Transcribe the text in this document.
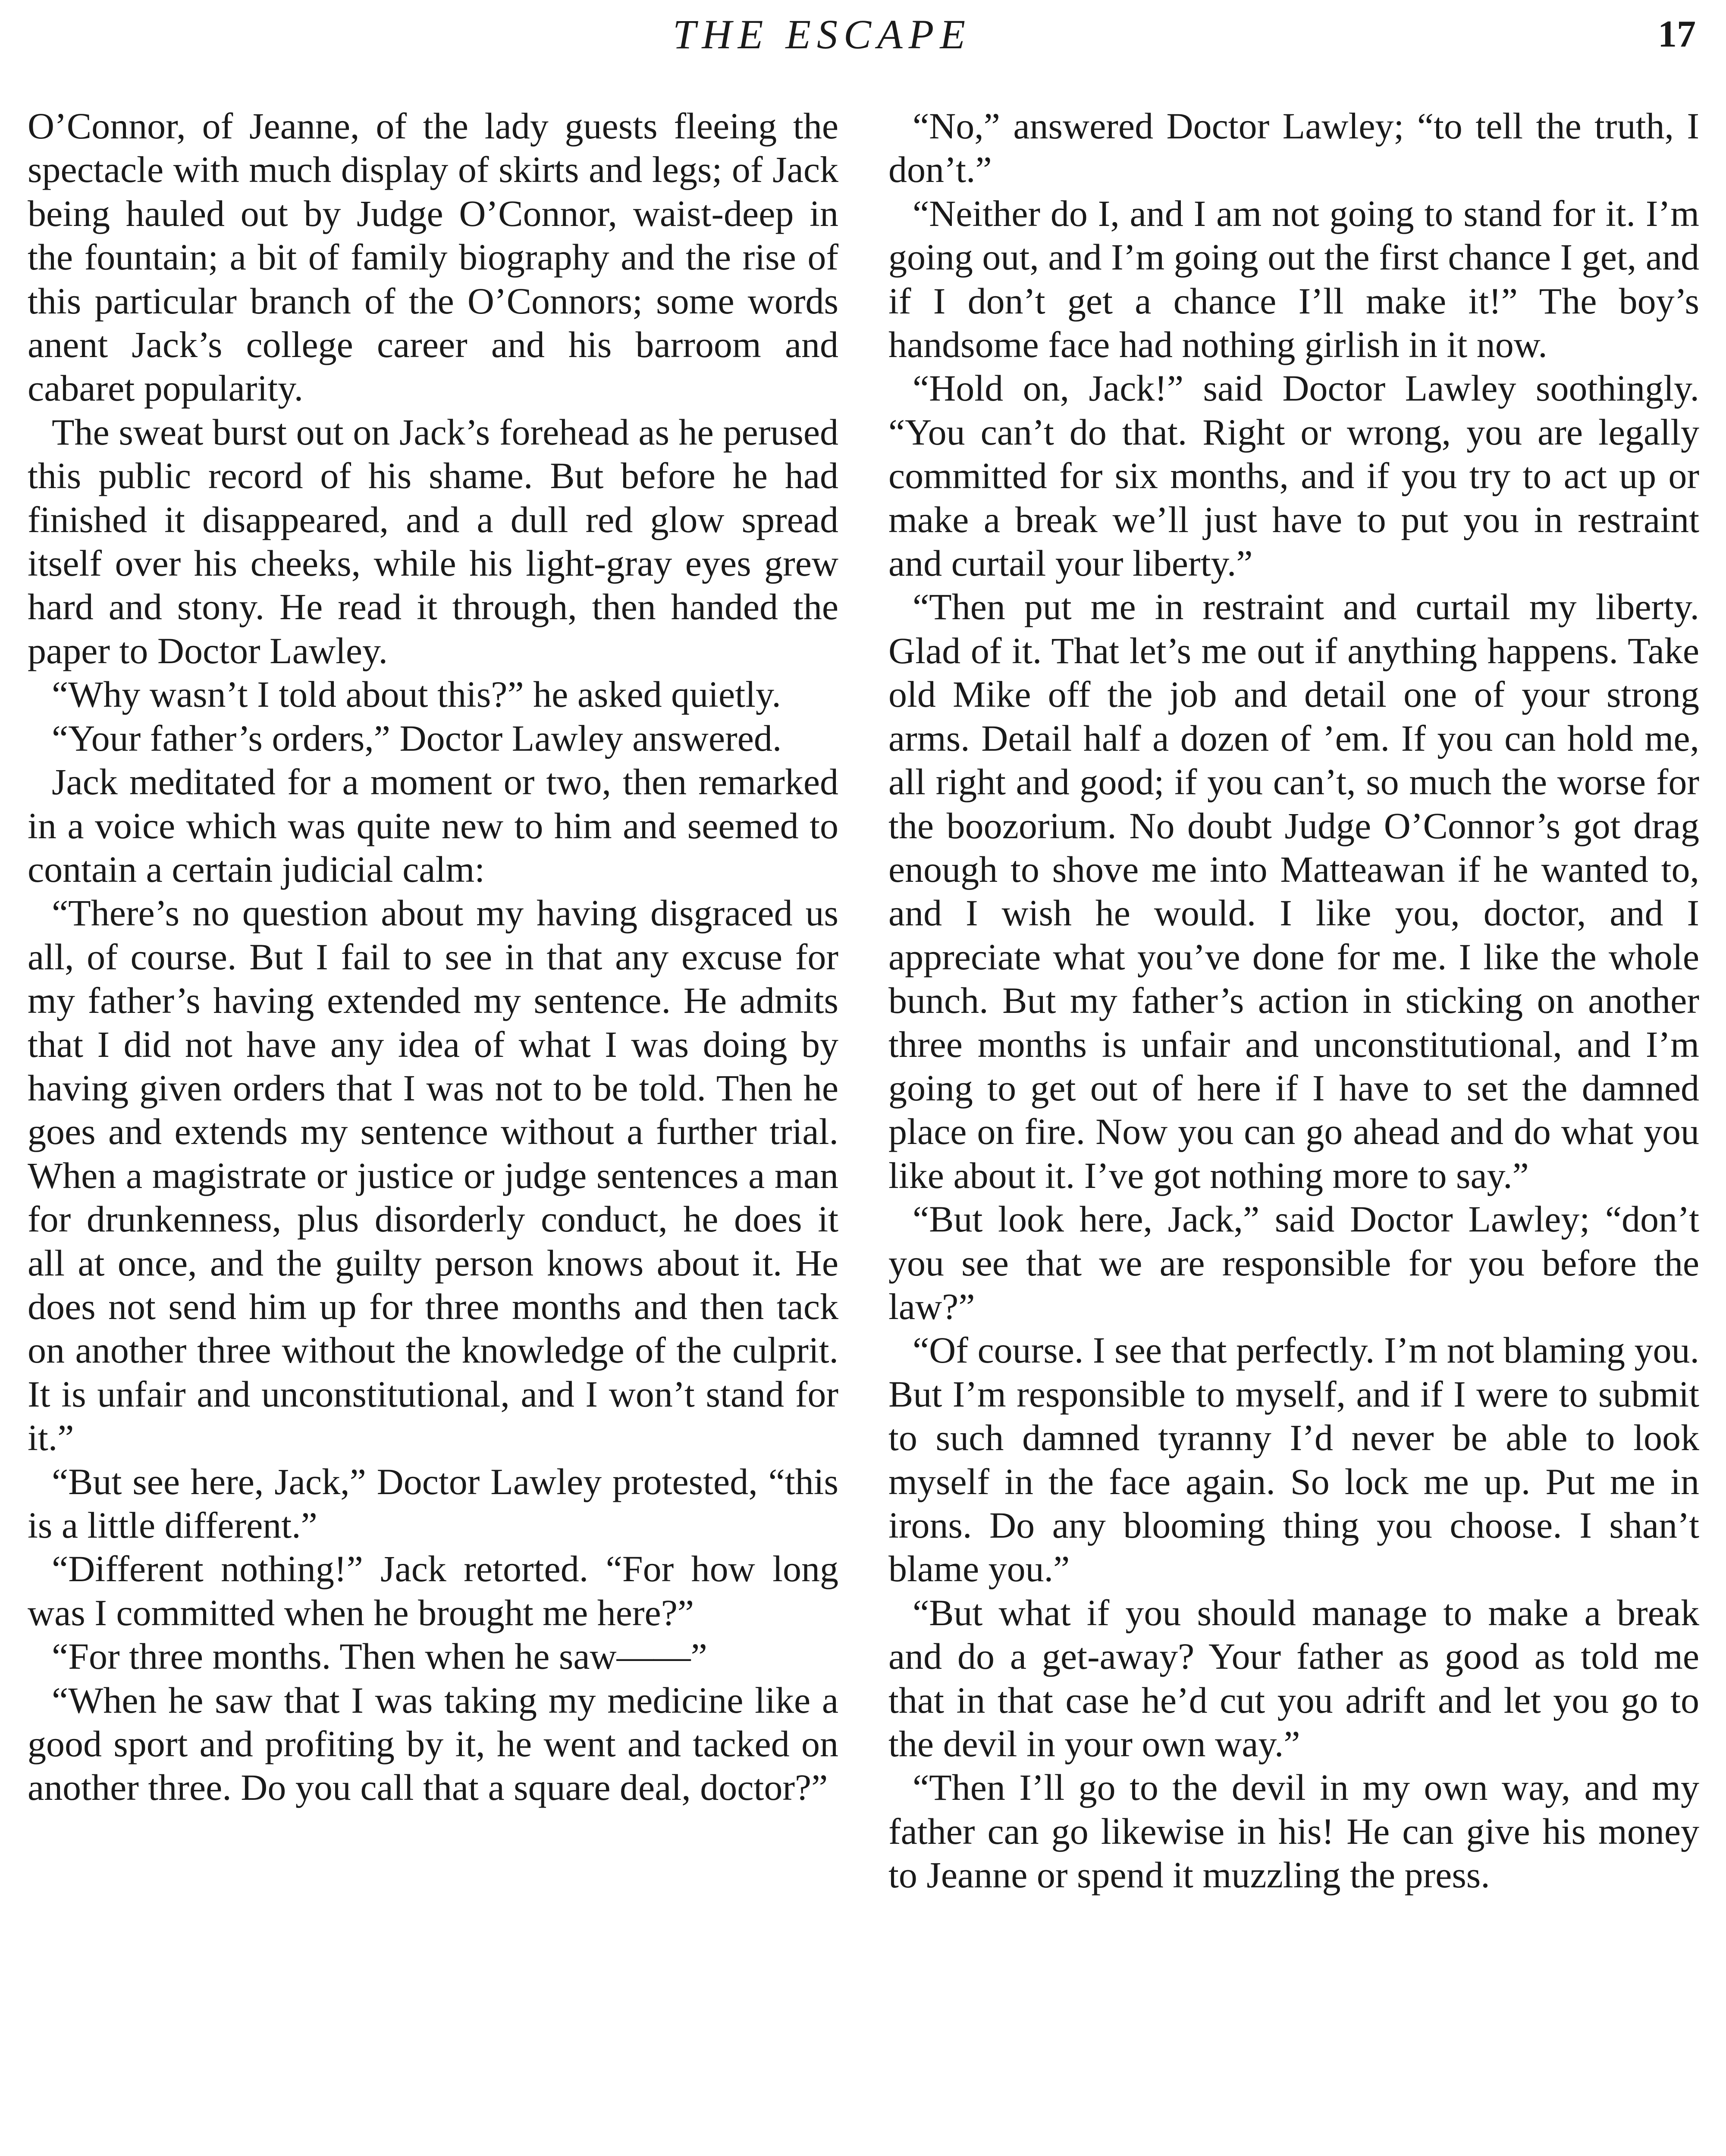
THE ESCAPE	17

O’Connor, of Jeanne, of the lady guests fleeing the spectacle with much display of skirts and legs; of Jack being hauled out by Judge O’Connor, waist-deep in the fountain; a bit of family biography and the rise of this particular branch of the O’Connors; some words anent Jack’s college career and his barroom and cabaret popularity.

The sweat burst out on Jack’s forehead as he perused this public record of his shame. But before he had finished it disappeared, and a dull red glow spread itself over his cheeks, while his light-gray eyes grew hard and stony. He read it through, then handed the paper to Doctor Lawley.

“Why wasn’t I told about this?” he asked quietly.

“Your father’s orders,” Doctor Lawley answered.

Jack meditated for a moment or two, then remarked in a voice which was quite new to him and seemed to contain a certain judicial calm:

“There’s no question about my having disgraced us all, of course. But I fail to see in that any excuse for my father’s having extended my sentence. He admits that I did not have any idea of what I was doing by having given orders that I was not to be told. Then he goes and extends my sentence without a further trial. When a magistrate or justice or judge sentences a man for drunkenness, plus disorderly conduct, he does it all at once, and the guilty person knows about it. He does not send him up for three months and then tack on another three without the knowledge of the culprit. It is unfair and unconstitutional, and I won’t stand for it.”

“But see here, Jack,” Doctor Lawley protested, “this is a little different.”

“Different nothing!” Jack retorted. “For how long was I committed when he brought me here?”

“For three months. Then when he saw——”

“When he saw that I was taking my medicine like a good sport and profiting by it, he went and tacked on another three. Do you call that a square deal, doctor?”

“No,” answered Doctor Lawley; “to tell the truth, I don’t.”

“Neither do I, and I am not going to stand for it. I’m going out, and I’m going out the first chance I get, and if I don’t get a chance I’ll make it!” The boy’s handsome face had nothing girlish in it now.

“Hold on, Jack!” said Doctor Lawley soothingly. “You can’t do that. Right or wrong, you are legally committed for six months, and if you try to act up or make a break we’ll just have to put you in restraint and curtail your liberty.”

“Then put me in restraint and curtail my liberty. Glad of it. That let’s me out if anything happens. Take old Mike off the job and detail one of your strong arms. Detail half a dozen of ’em. If you can hold me, all right and good; if you can’t, so much the worse for the boozorium. No doubt Judge O’Connor’s got drag enough to shove me into Matteawan if he wanted to, and I wish he would. I like you, doctor, and I appreciate what you’ve done for me. I like the whole bunch. But my father’s action in sticking on another three months is unfair and unconstitutional, and I’m going to get out of here if I have to set the damned place on fire. Now you can go ahead and do what you like about it. I’ve got nothing more to say.”

“But look here, Jack,” said Doctor Lawley; “don’t you see that we are responsible for you before the law?”

“Of course. I see that perfectly. I’m not blaming you. But I’m responsible to myself, and if I were to submit to such damned tyranny I’d never be able to look myself in the face again. So lock me up. Put me in irons. Do any blooming thing you choose. I shan’t blame you.”

“But what if you should manage to make a break and do a get-away? Your father as good as told me that in that case he’d cut you adrift and let you go to the devil in your own way.”

“Then I’ll go to the devil in my own way, and my father can go likewise in his! He can give his money to Jeanne or spend it muzzling the press.
